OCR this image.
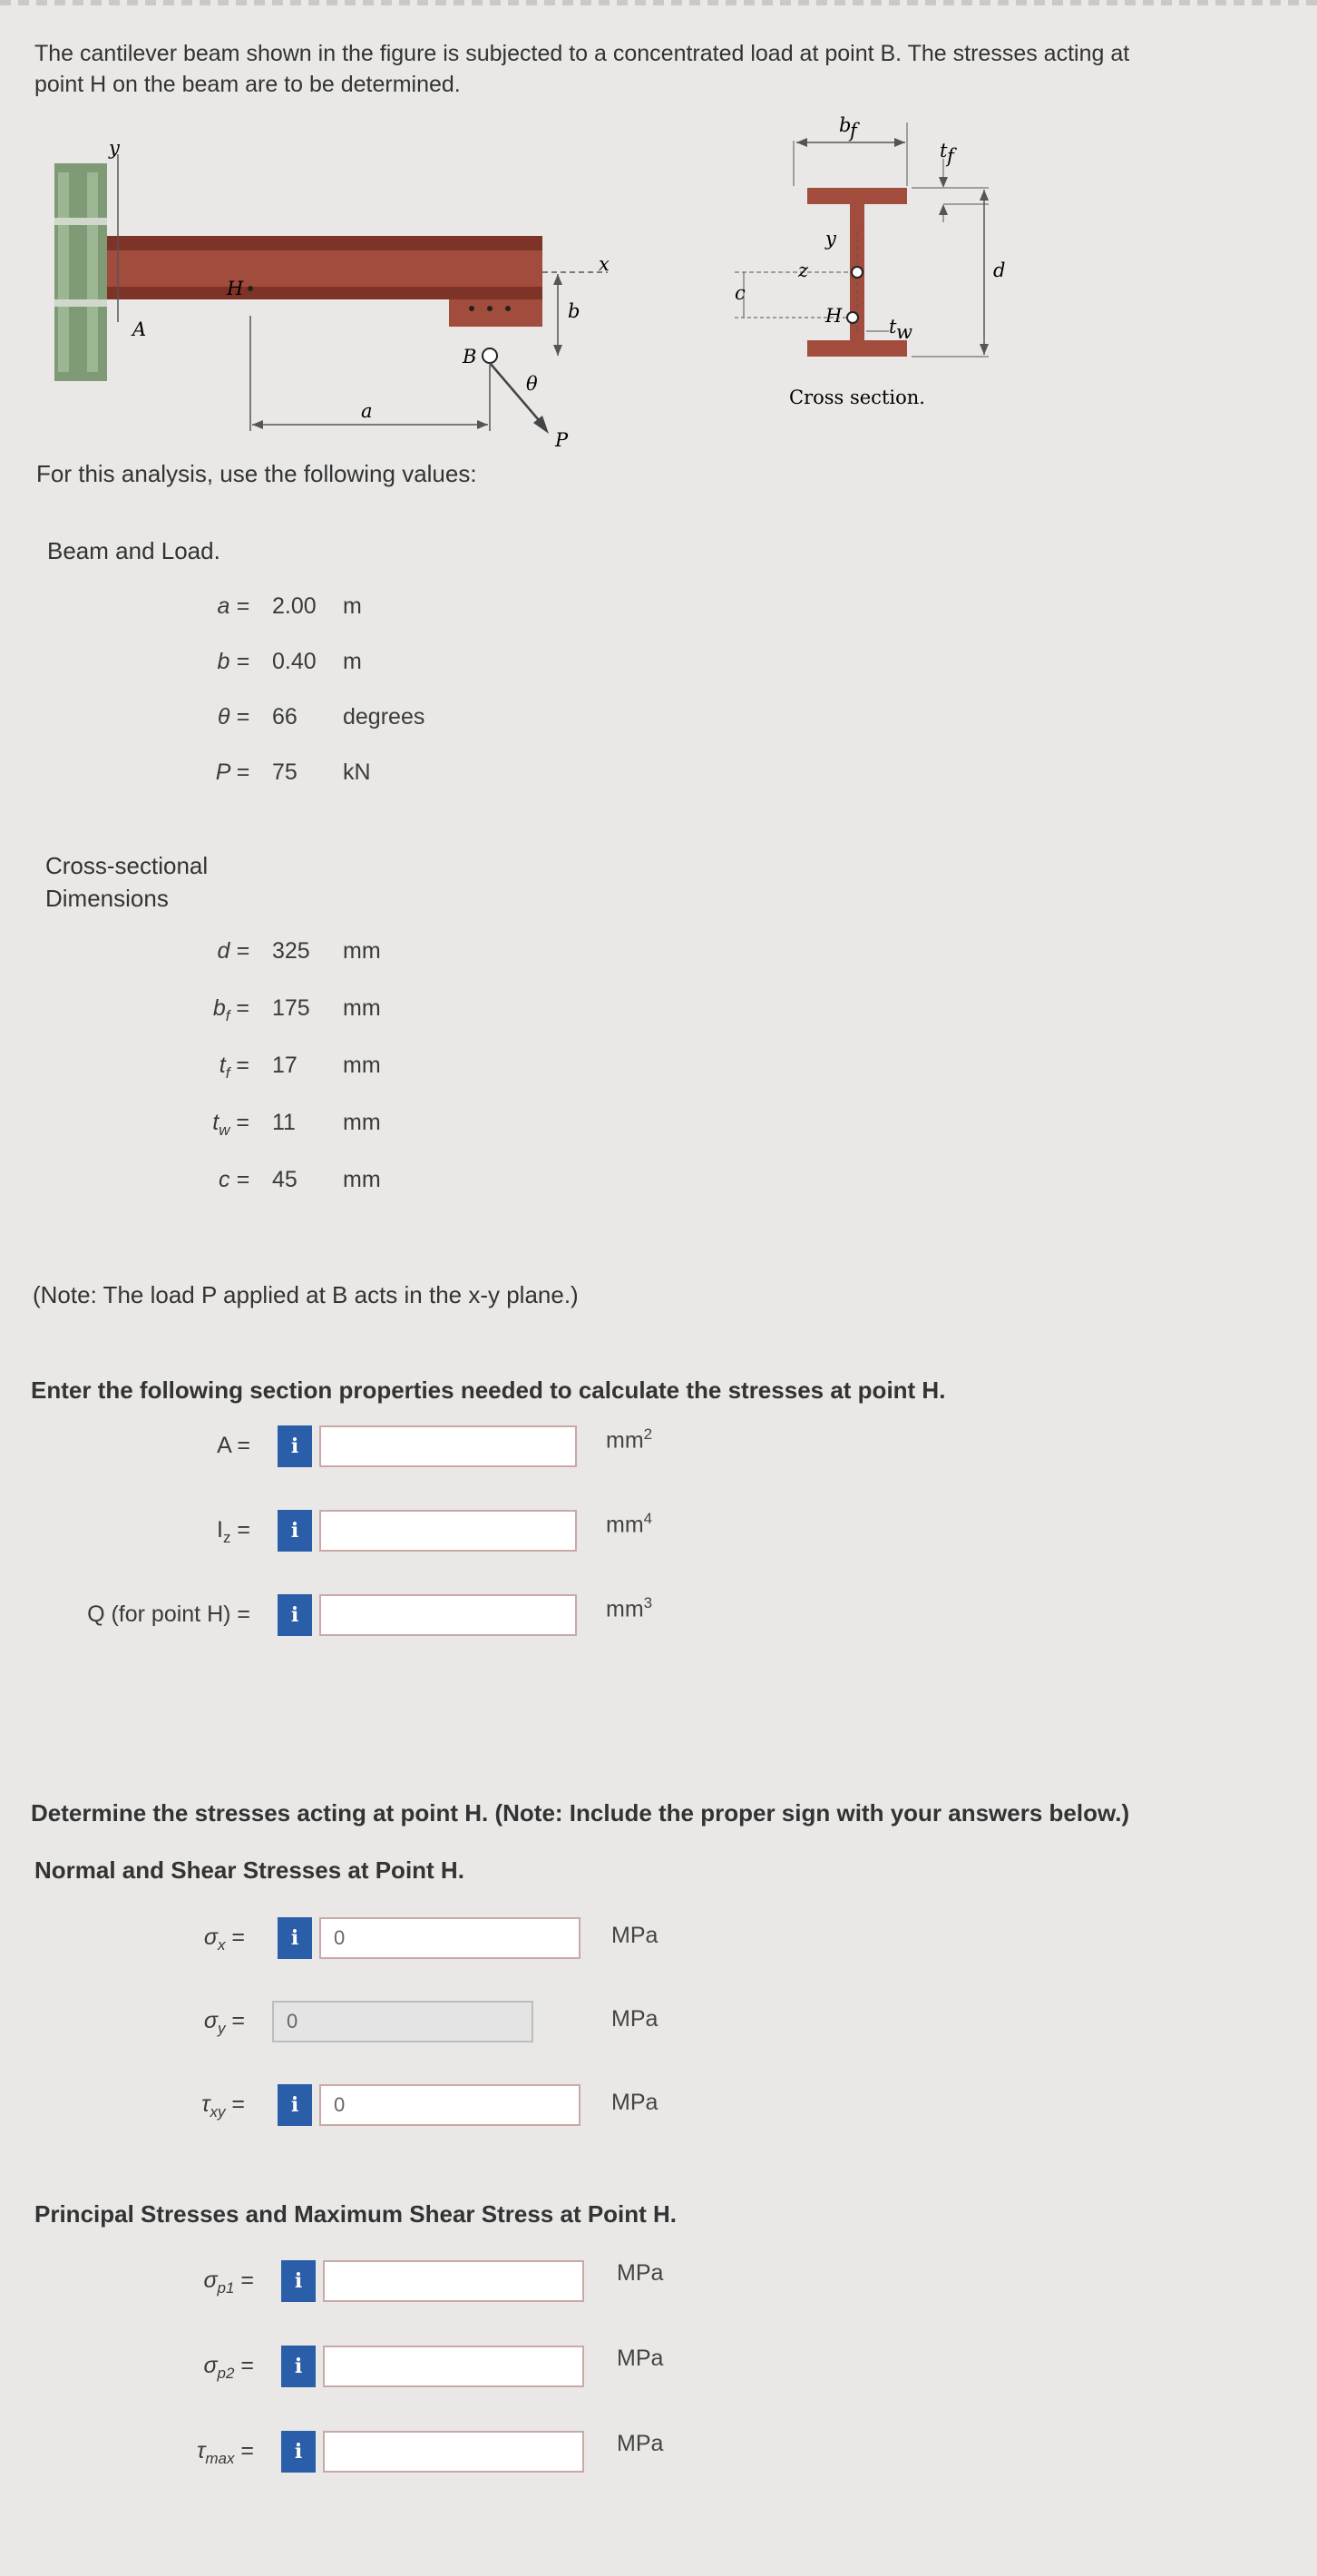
The cantilever beam shown in the figure is subjected to a concentrated load at point B. The stresses acting at point H on the beam are to be determined.
y
x
H
A
B
a
b
θ
P
b
f
t f
d
y
z
H
c
t w
Cross section.
For this analysis, use the following values:
Beam and Load.
a = 2.00 m
b = 0.40 m
θ = 66 degrees
P = 75 kN
Cross-sectional
Dimensions
d = 325 mm
$b_f = 175$ mm
$t_f = 17$ mm
$t_w = 11$ mm
c = 45 mm
(Note: The load P applied at B acts in the x-y plane.)
Enter the following section properties needed to calculate the stresses at point H.
A =	i	$mm^2$
$I_z$ =	i	$mm^4$
Q (for point H) =	i	$mm^3$
Determine the stresses acting at point H. (Note: Include the proper sign with your answers below.)
Normal and Shear Stresses at Point H.
$\sigma_x$ =	i	0	MPa
$\sigma_y$ =	0	MPa
$\tau_{xy}$ =	i	0	MPa
Principal Stresses and Maximum Shear Stress at Point H.
$\sigma_{p1}$ =	i	MPa
$\sigma_{p2}$ =	i	MPa
$\tau_{max}$ =	i	MPa
